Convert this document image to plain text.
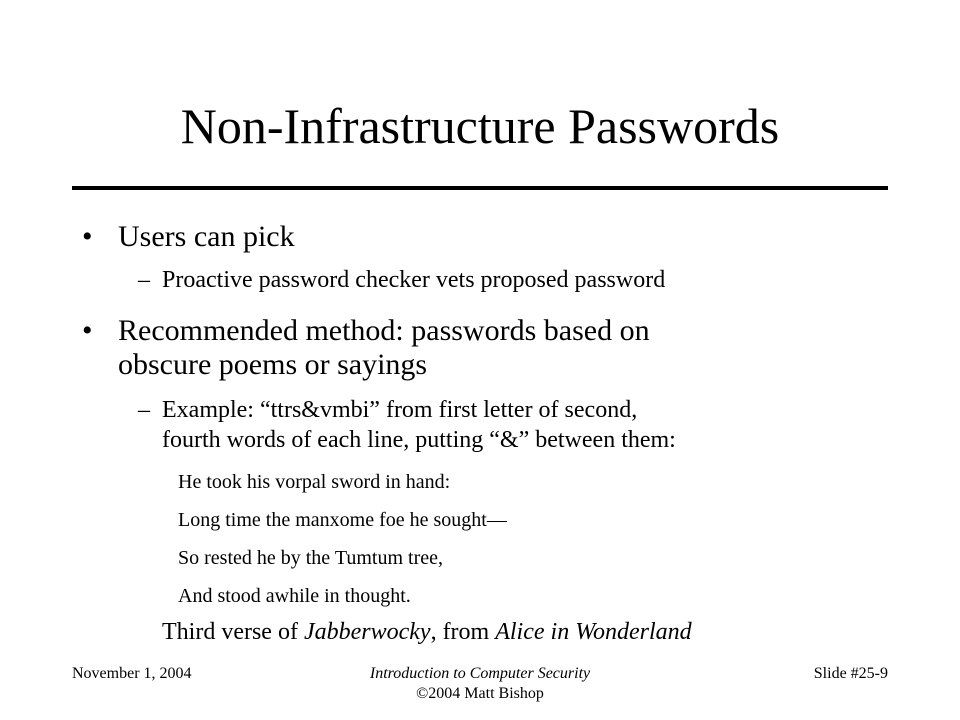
Non-Infrastructure Passwords
• Users can pick
– Proactive password checker vets proposed password
• Recommended method: passwords based on
obscure poems or sayings
– Example: “ttrs&vmbi” from first letter of second,
fourth words of each line, putting “&” between them:
He took his vorpal sword in hand:
Long time the manxome foe he sought—
So rested he by the Tumtum tree,
And stood awhile in thought.
Third verse of Jabberwocky, from Alice in Wonderland
November 1, 2004	Introduction to Computer Security
©2004 Matt Bishop
Slide #25-9
